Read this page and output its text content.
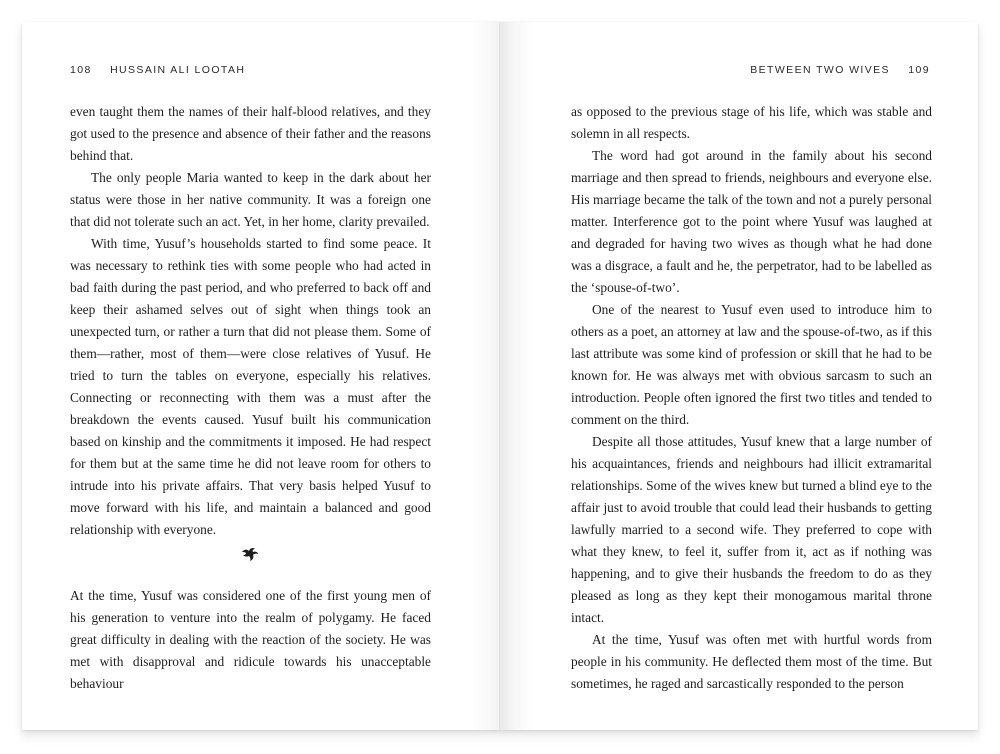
108 HUSSAIN ALI LOOTAH

even taught them the names of their half-blood relatives, and they got used to the presence and absence of their father and the reasons behind that.

The only people Maria wanted to keep in the dark about her status were those in her native community. It was a foreign one that did not tolerate such an act. Yet, in her home, clarity prevailed.

With time, Yusuf’s households started to find some peace. It was necessary to rethink ties with some people who had acted in bad faith during the past period, and who preferred to back off and keep their ashamed selves out of sight when things took an unexpected turn, or rather a turn that did not please them. Some of them—rather, most of them—were close relatives of Yusuf. He tried to turn the tables on everyone, especially his relatives. Connecting or reconnecting with them was a must after the breakdown the events caused. Yusuf built his communication based on kinship and the commitments it imposed. He had respect for them but at the same time he did not leave room for others to intrude into his private affairs. That very basis helped Yusuf to move forward with his life, and maintain a balanced and good relationship with everyone.

At the time, Yusuf was considered one of the first young men of his generation to venture into the realm of polygamy. He faced great difficulty in dealing with the reaction of the society. He was met with disapproval and ridicule towards his unacceptable behaviour

BETWEEN TWO WIVES 109

as opposed to the previous stage of his life, which was stable and solemn in all respects.

The word had got around in the family about his second marriage and then spread to friends, neighbours and everyone else. His marriage became the talk of the town and not a purely personal matter. Interference got to the point where Yusuf was laughed at and degraded for having two wives as though what he had done was a disgrace, a fault and he, the perpetrator, had to be labelled as the ‘spouse-of-two’.

One of the nearest to Yusuf even used to introduce him to others as a poet, an attorney at law and the spouse-of-two, as if this last attribute was some kind of profession or skill that he had to be known for. He was always met with obvious sarcasm to such an introduction. People often ignored the first two titles and tended to comment on the third.

Despite all those attitudes, Yusuf knew that a large number of his acquaintances, friends and neighbours had illicit extramarital relationships. Some of the wives knew but turned a blind eye to the affair just to avoid trouble that could lead their husbands to getting lawfully married to a second wife. They preferred to cope with what they knew, to feel it, suffer from it, act as if nothing was happening, and to give their husbands the freedom to do as they pleased as long as they kept their monogamous marital throne intact.

At the time, Yusuf was often met with hurtful words from people in his community. He deflected them most of the time. But sometimes, he raged and sarcastically responded to the person
